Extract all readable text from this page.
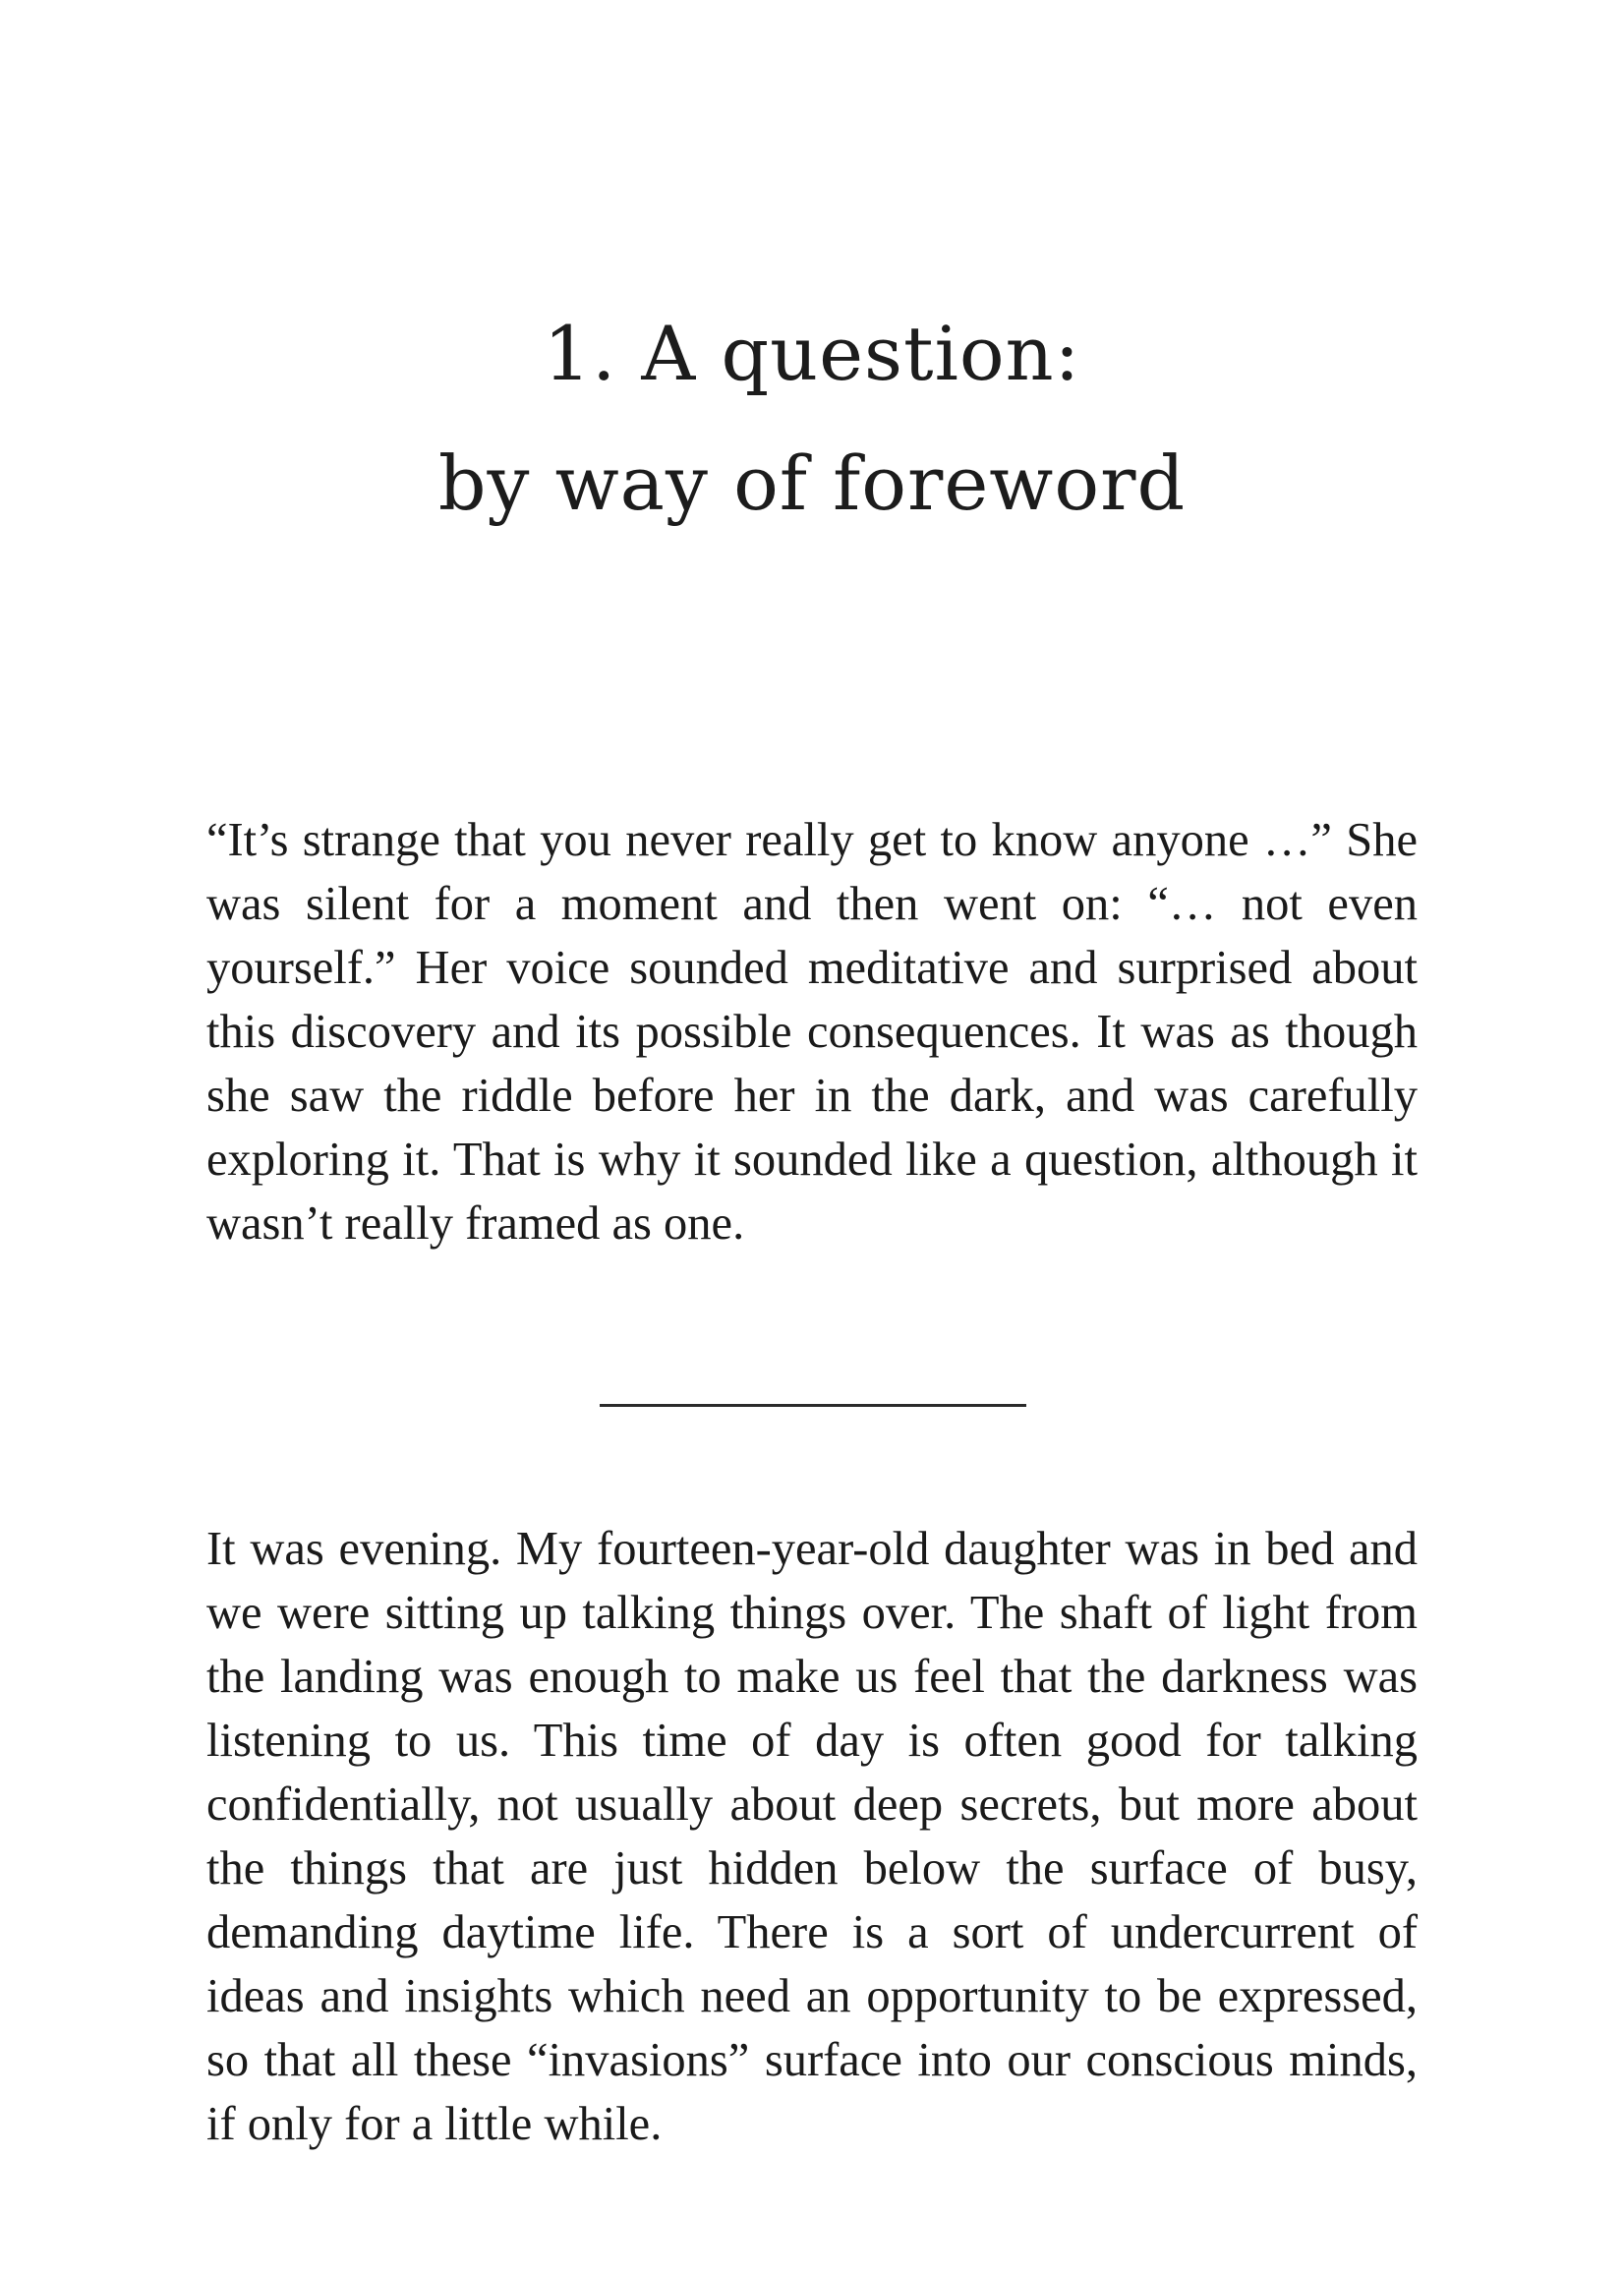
1. A question:
by way of foreword

“It’s strange that you never really get to know anyone …” She was silent for a moment and then went on: “… not even yourself.” Her voice sounded meditative and surprised about this discovery and its possible consequences. It was as though she saw the riddle before her in the dark, and was carefully exploring it. That is why it sounded like a question, although it wasn’t really framed as one.

It was evening. My fourteen-year-old daughter was in bed and we were sitting up talking things over. The shaft of light from the landing was enough to make us feel that the darkness was listening to us. This time of day is often good for talking confidentially, not usually about deep secrets, but more about the things that are just hidden below the surface of busy, demanding daytime life. There is a sort of undercurrent of ideas and insights which need an opportunity to be expressed, so that all these “invasions” surface into our conscious minds, if only for a little while.
